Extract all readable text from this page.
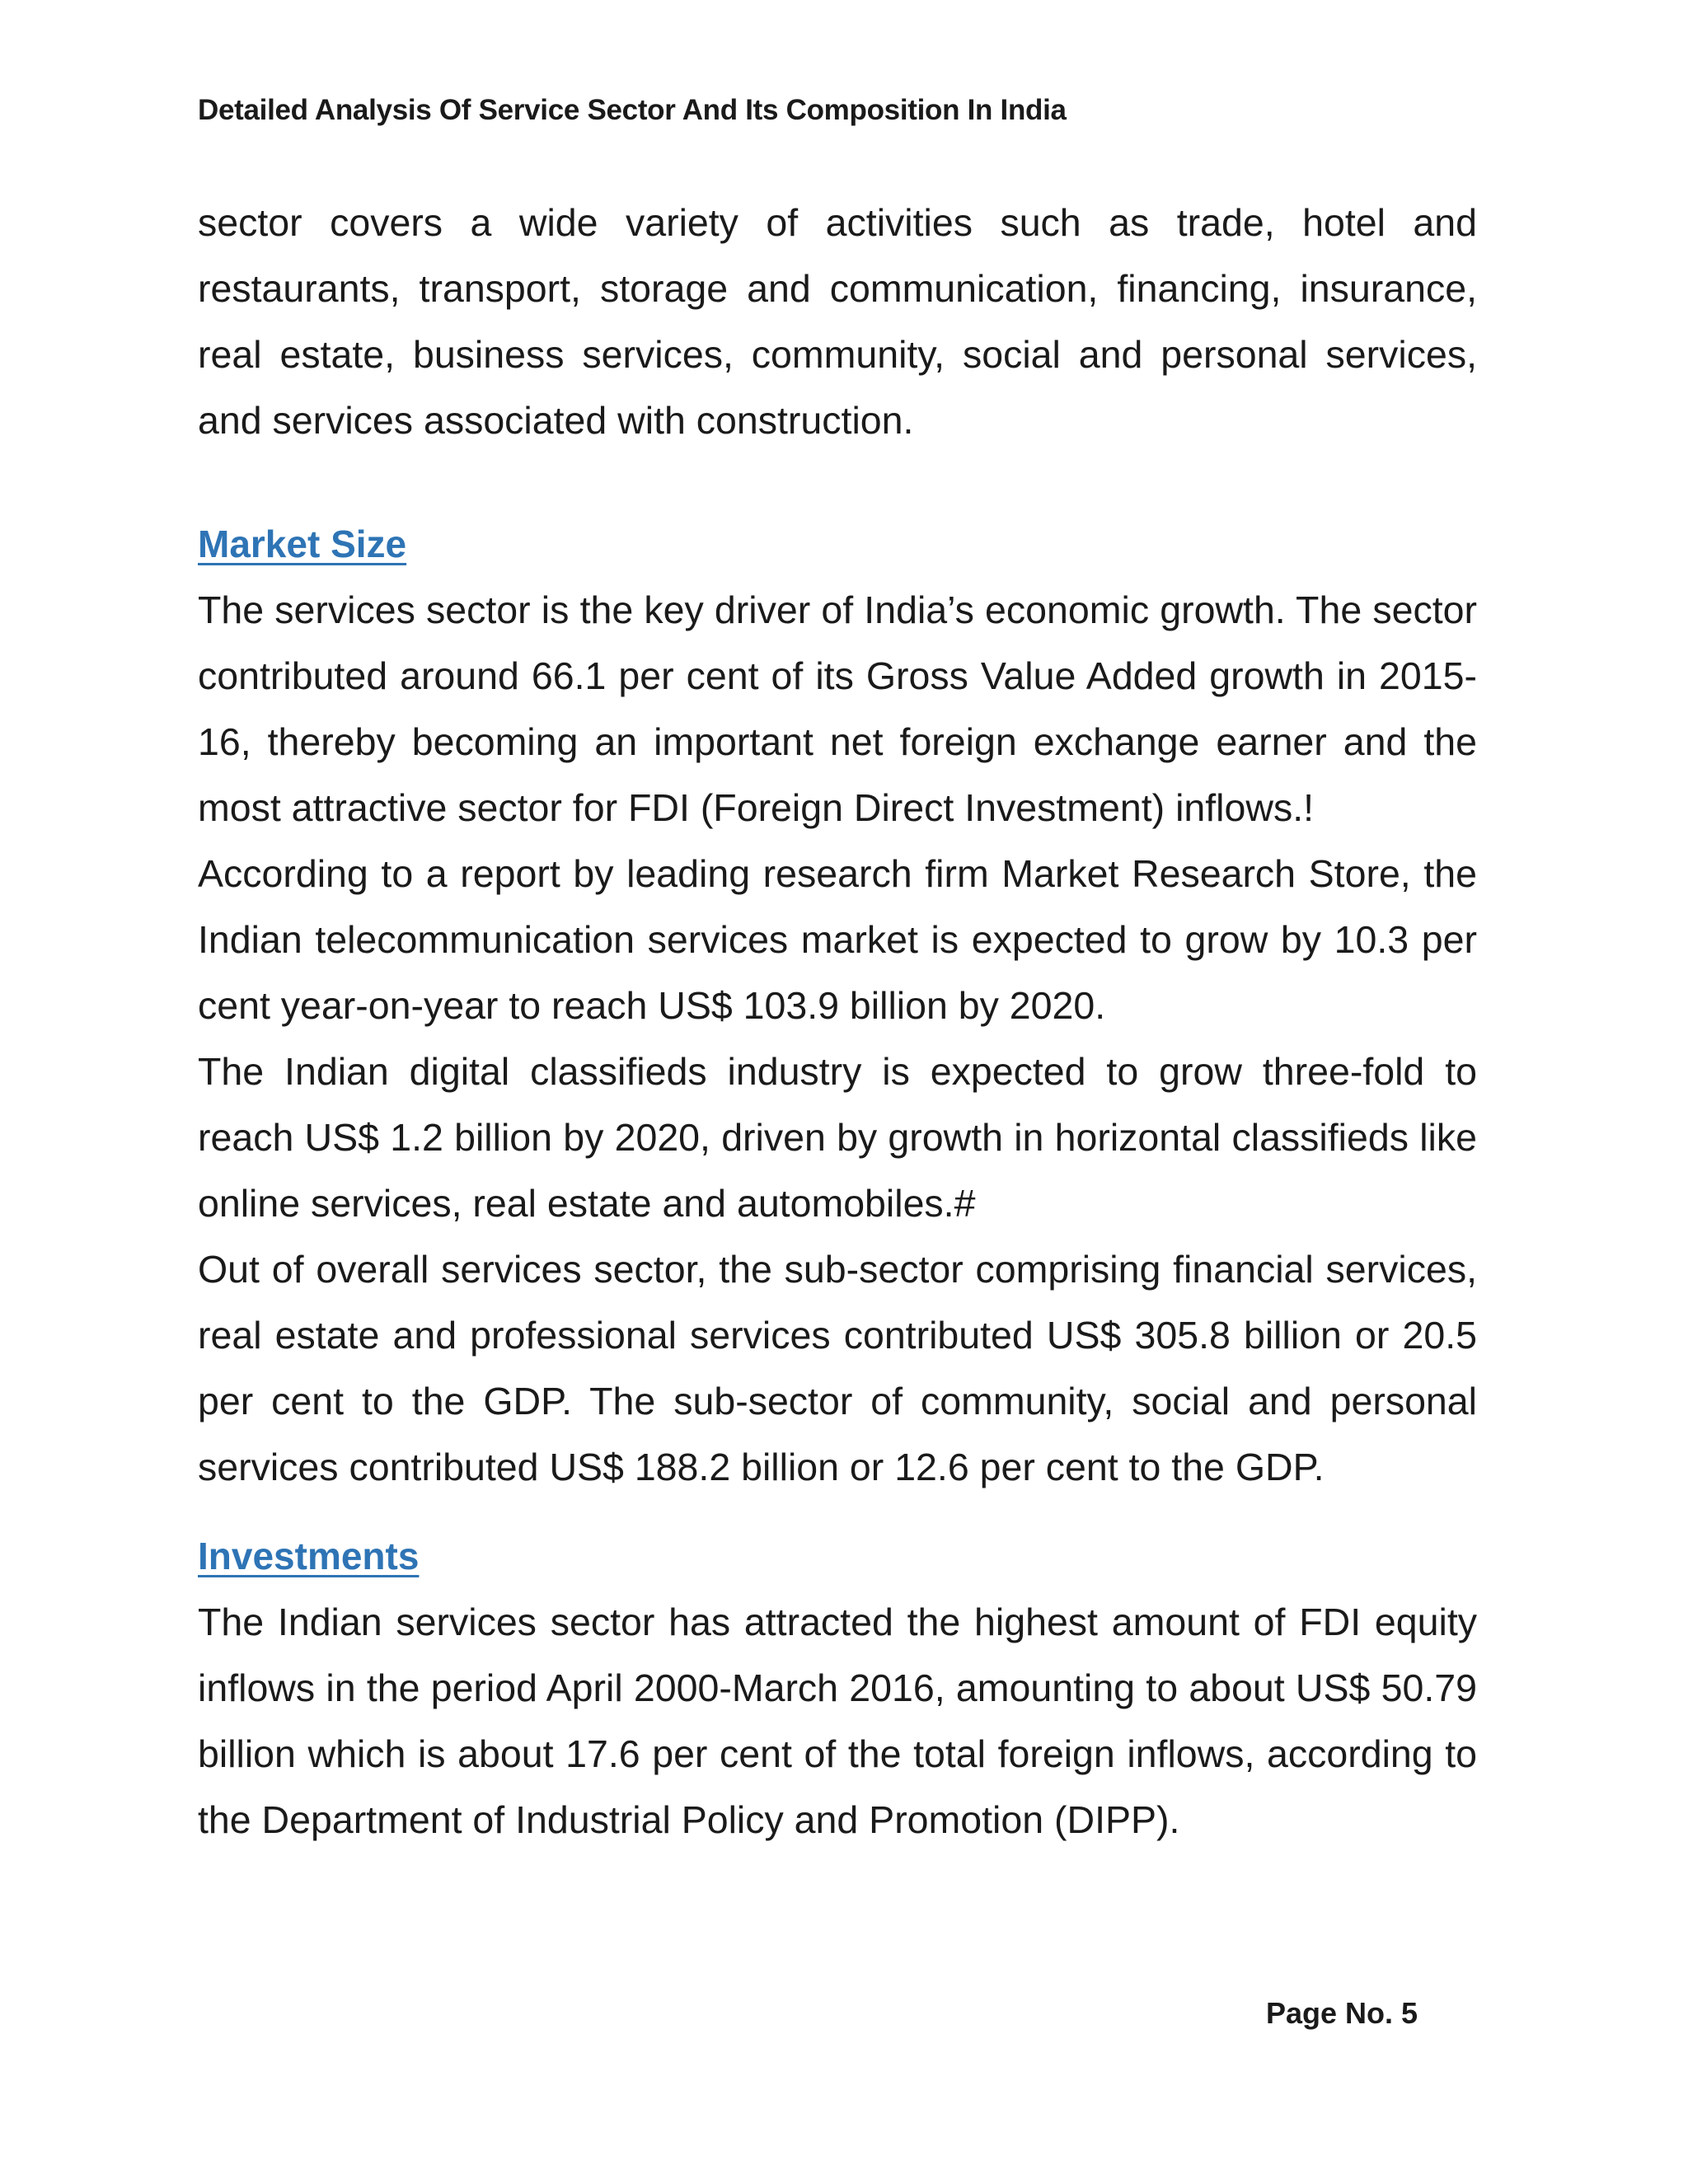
Detailed Analysis Of Service Sector And Its Composition In India

sector covers a wide variety of activities such as trade, hotel and restaurants, transport, storage and communication, financing, insurance, real estate, business services, community, social and personal services, and services associated with construction.

Market Size

The services sector is the key driver of India’s economic growth. The sector contributed around 66.1 per cent of its Gross Value Added growth in 2015-16, thereby becoming an important net foreign exchange earner and the most attractive sector for FDI (Foreign Direct Investment) inflows.!

According to a report by leading research firm Market Research Store, the Indian telecommunication services market is expected to grow by 10.3 per cent year-on-year to reach US$ 103.9 billion by 2020.

The Indian digital classifieds industry is expected to grow three-fold to reach US$ 1.2 billion by 2020, driven by growth in horizontal classifieds like online services, real estate and automobiles.#

Out of overall services sector, the sub-sector comprising financial services, real estate and professional services contributed US$ 305.8 billion or 20.5 per cent to the GDP. The sub-sector of community, social and personal services contributed US$ 188.2 billion or 12.6 per cent to the GDP.

Investments

The Indian services sector has attracted the highest amount of FDI equity inflows in the period April 2000-March 2016, amounting to about US$ 50.79 billion which is about 17.6 per cent of the total foreign inflows, according to the Department of Industrial Policy and Promotion (DIPP).

Page No. 5
